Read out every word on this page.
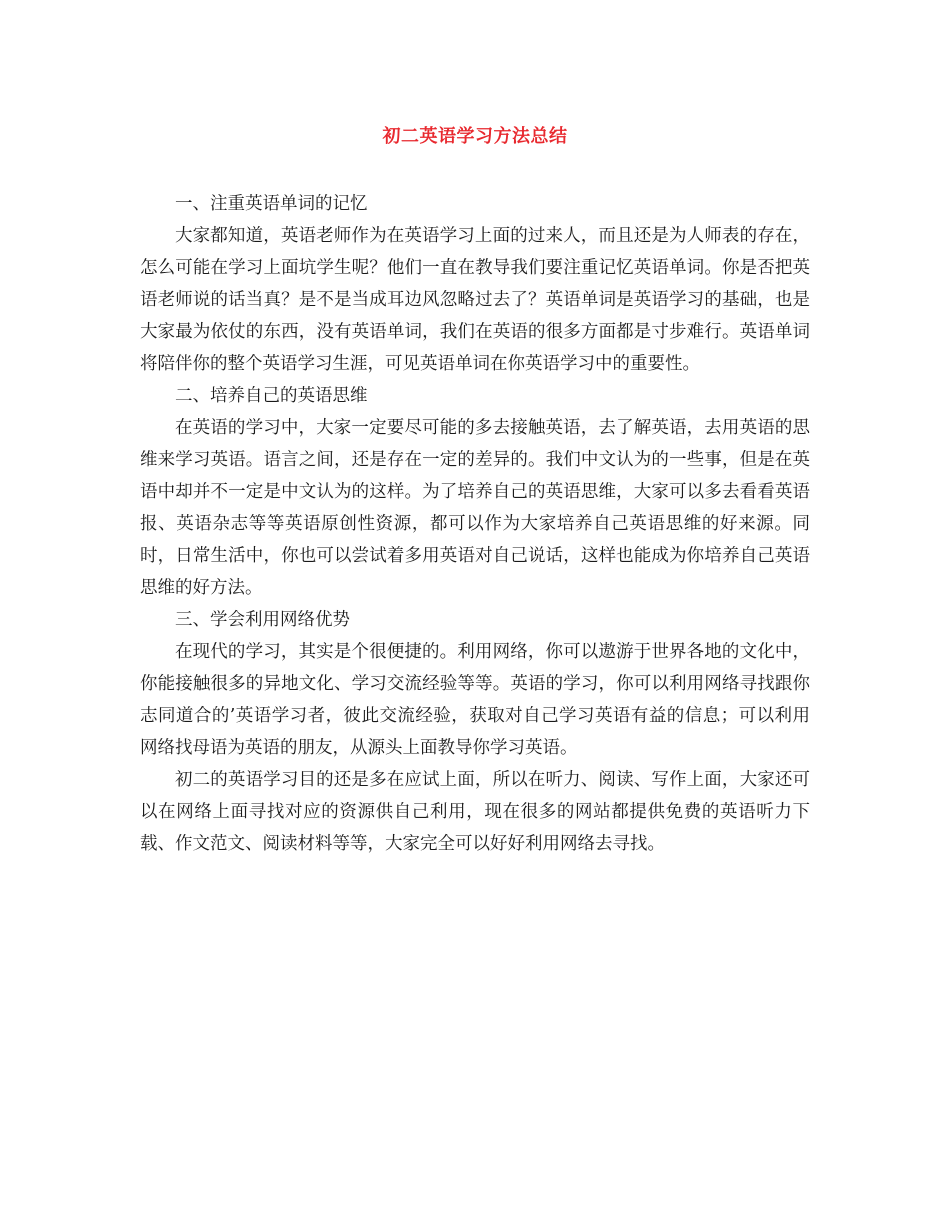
初二英语学习方法总结

一、注重英语单词的记忆

大家都知道，英语老师作为在英语学习上面的过来人，而且还是为人师表的存在，怎么可能在学习上面坑学生呢？他们一直在教导我们要注重记忆英语单词。你是否把英语老师说的话当真？是不是当成耳边风忽略过去了？英语单词是英语学习的基础，也是大家最为依仗的东西，没有英语单词，我们在英语的很多方面都是寸步难行。英语单词将陪伴你的整个英语学习生涯，可见英语单词在你英语学习中的重要性。

二、培养自己的英语思维

在英语的学习中，大家一定要尽可能的多去接触英语，去了解英语，去用英语的思维来学习英语。语言之间，还是存在一定的差异的。我们中文认为的一些事，但是在英语中却并不一定是中文认为的这样。为了培养自己的英语思维，大家可以多去看看英语报、英语杂志等等英语原创性资源，都可以作为大家培养自己英语思维的好来源。同时，日常生活中，你也可以尝试着多用英语对自己说话，这样也能成为你培养自己英语思维的好方法。

三、学会利用网络优势

在现代的学习，其实是个很便捷的。利用网络，你可以遨游于世界各地的文化中，你能接触很多的异地文化、学习交流经验等等。英语的学习，你可以利用网络寻找跟你志同道合的’英语学习者，彼此交流经验，获取对自己学习英语有益的信息；可以利用网络找母语为英语的朋友，从源头上面教导你学习英语。

初二的英语学习目的还是多在应试上面，所以在听力、阅读、写作上面，大家还可以在网络上面寻找对应的资源供自己利用，现在很多的网站都提供免费的英语听力下载、作文范文、阅读材料等等，大家完全可以好好利用网络去寻找。
